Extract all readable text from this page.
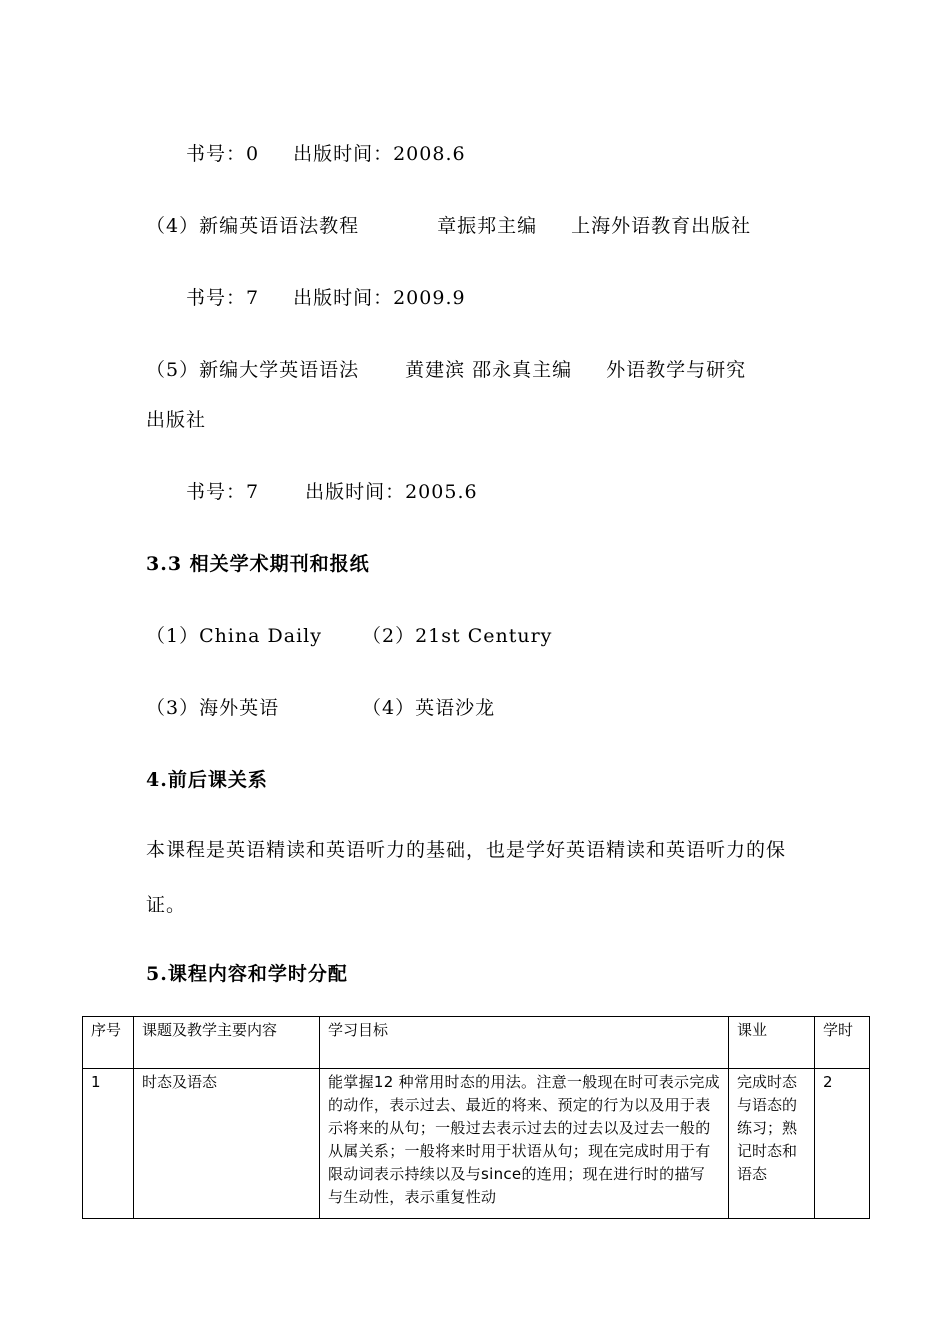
书号：0 出版时间：2008.6
（4）新编英语语法教程	章振邦主编 上海外语教育出版社
书号：7 出版时间：2009.9
（5）新编大学英语语法 黄建滨 邵永真主编 外语教学与研究
出版社
书号：7 出版时间：2005.6
3.3 相关学术期刊和报纸
（1）China Daily （2）21st Century
（3）海外英语	（4）英语沙龙
4.前后课关系
本课程是英语精读和英语听力的基础，也是学好英语精读和英语听力的保证。
5.课程内容和学时分配
序号	课题及教学主要内容	学习目标	课业	学时
1	时态及语态	能掌握12 种常用时态的用法。注意一般现在时可表示完成的动作，表示过去、最近的将来、预定的行为以及用于表示将来的从句；一般过去表示过去的过去以及过去一般的从属关系；一般将来时用于状语从句；现在完成时用于有限动词表示持续以及与since的连用；现在进行时的描写与生动性，表示重复性动	完成时态与语态的练习；熟记时态和语态	2
